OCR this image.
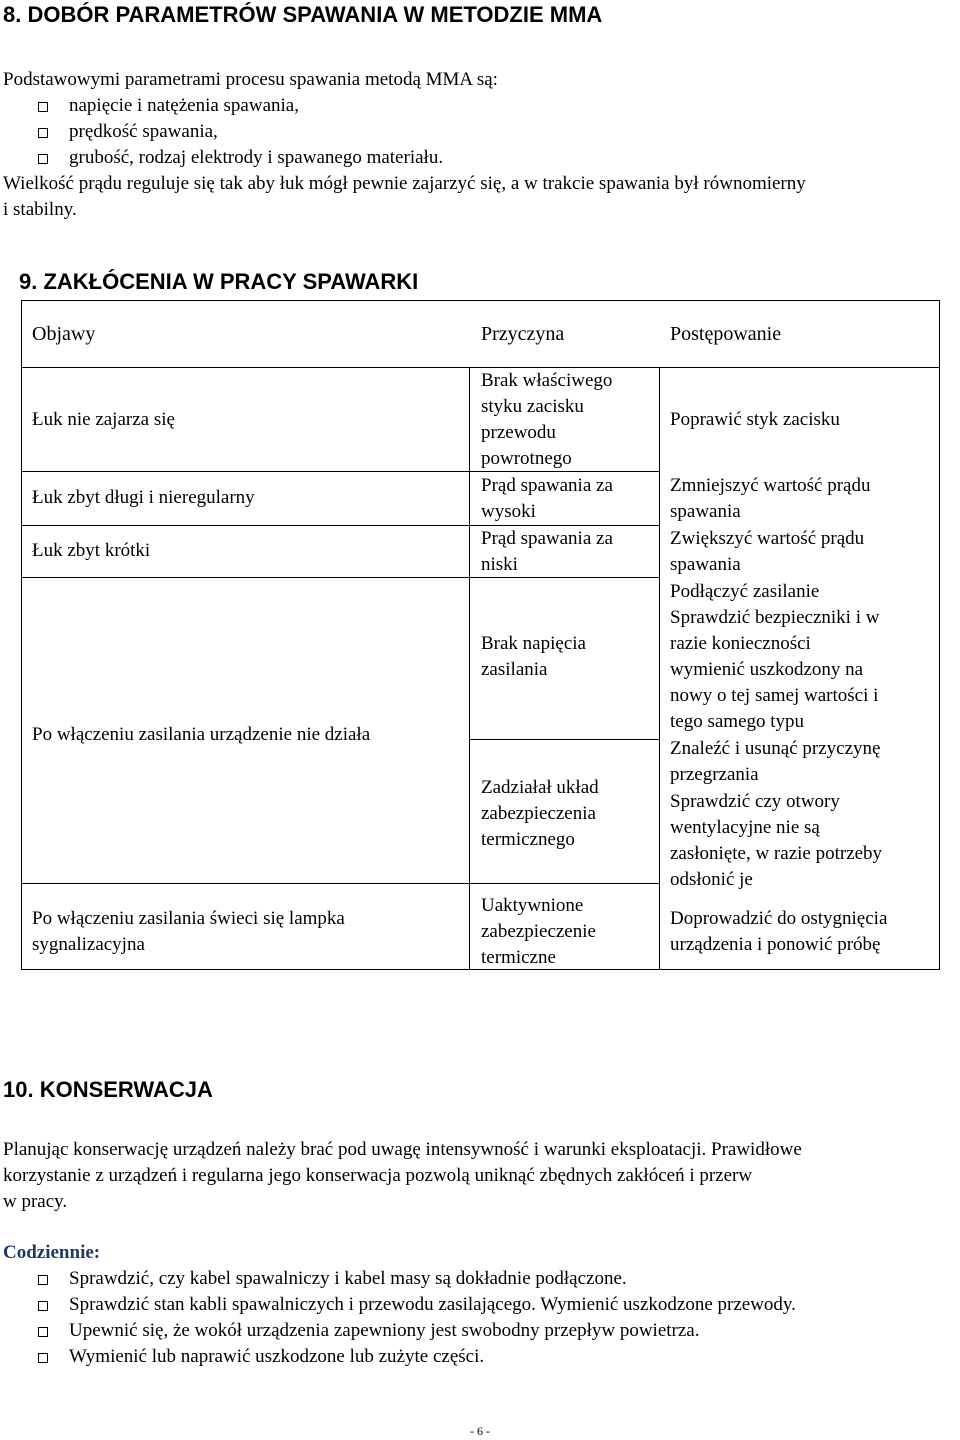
8. DOBÓR PARAMETRÓW SPAWANIA W METODZIE MMA

Podstawowymi parametrami procesu spawania metodą MMA są:

napięcie i natężenia spawania,
prędkość spawania,
grubość, rodzaj elektrody i spawanego materiału.

Wielkość prądu reguluje się tak aby łuk mógł pewnie zajarzyć się, a w trakcie spawania był równomierny

i stabilny.

9. ZAKŁÓCENIA W PRACY SPAWARKI
Objawy	Przyczyna	Postępowanie
Łuk nie zajarza się
Łuk zbyt długi i nieregularny
Łuk zbyt krótki
Po włączeniu zasilania urządzenie nie działa
Po włączeniu zasilania świeci się lampka
sygnalizacyjna
Brak właściwego
styku zacisku
przewodu
powrotnego
Prąd spawania za
wysoki
Prąd spawania za
niski
Brak napięcia
zasilania
Zadziałał układ
zabezpieczenia
termicznego
Uaktywnione
zabezpieczenie
termiczne
Poprawić styk zacisku
Zmniejszyć wartość prądu
spawania
Zwiększyć wartość prądu
spawania
Podłączyć zasilanie
Sprawdzić bezpieczniki i w
razie konieczności
wymienić uszkodzony na
nowy o tej samej wartości i
tego samego typu
Znaleźć i usunąć przyczynę
przegrzania
Sprawdzić czy otwory
wentylacyjne nie są
zasłonięte, w razie potrzeby
odsłonić je
Doprowadzić do ostygnięcia
urządzenia i ponowić próbę
10. KONSERWACJA
Planując konserwację urządzeń należy brać pod uwagę intensywność i warunki eksploatacji. Prawidłowe
korzystanie z urządzeń i regularna jego konserwacja pozwolą uniknąć zbędnych zakłóceń i przerw
w pracy.
Codziennie:
Sprawdzić, czy kabel spawalniczy i kabel masy są dokładnie podłączone.
Sprawdzić stan kabli spawalniczych i przewodu zasilającego. Wymienić uszkodzone przewody.
Upewnić się, że wokół urządzenia zapewniony jest swobodny przepływ powietrza.
Wymienić lub naprawić uszkodzone lub zużyte części.
- 6 -
